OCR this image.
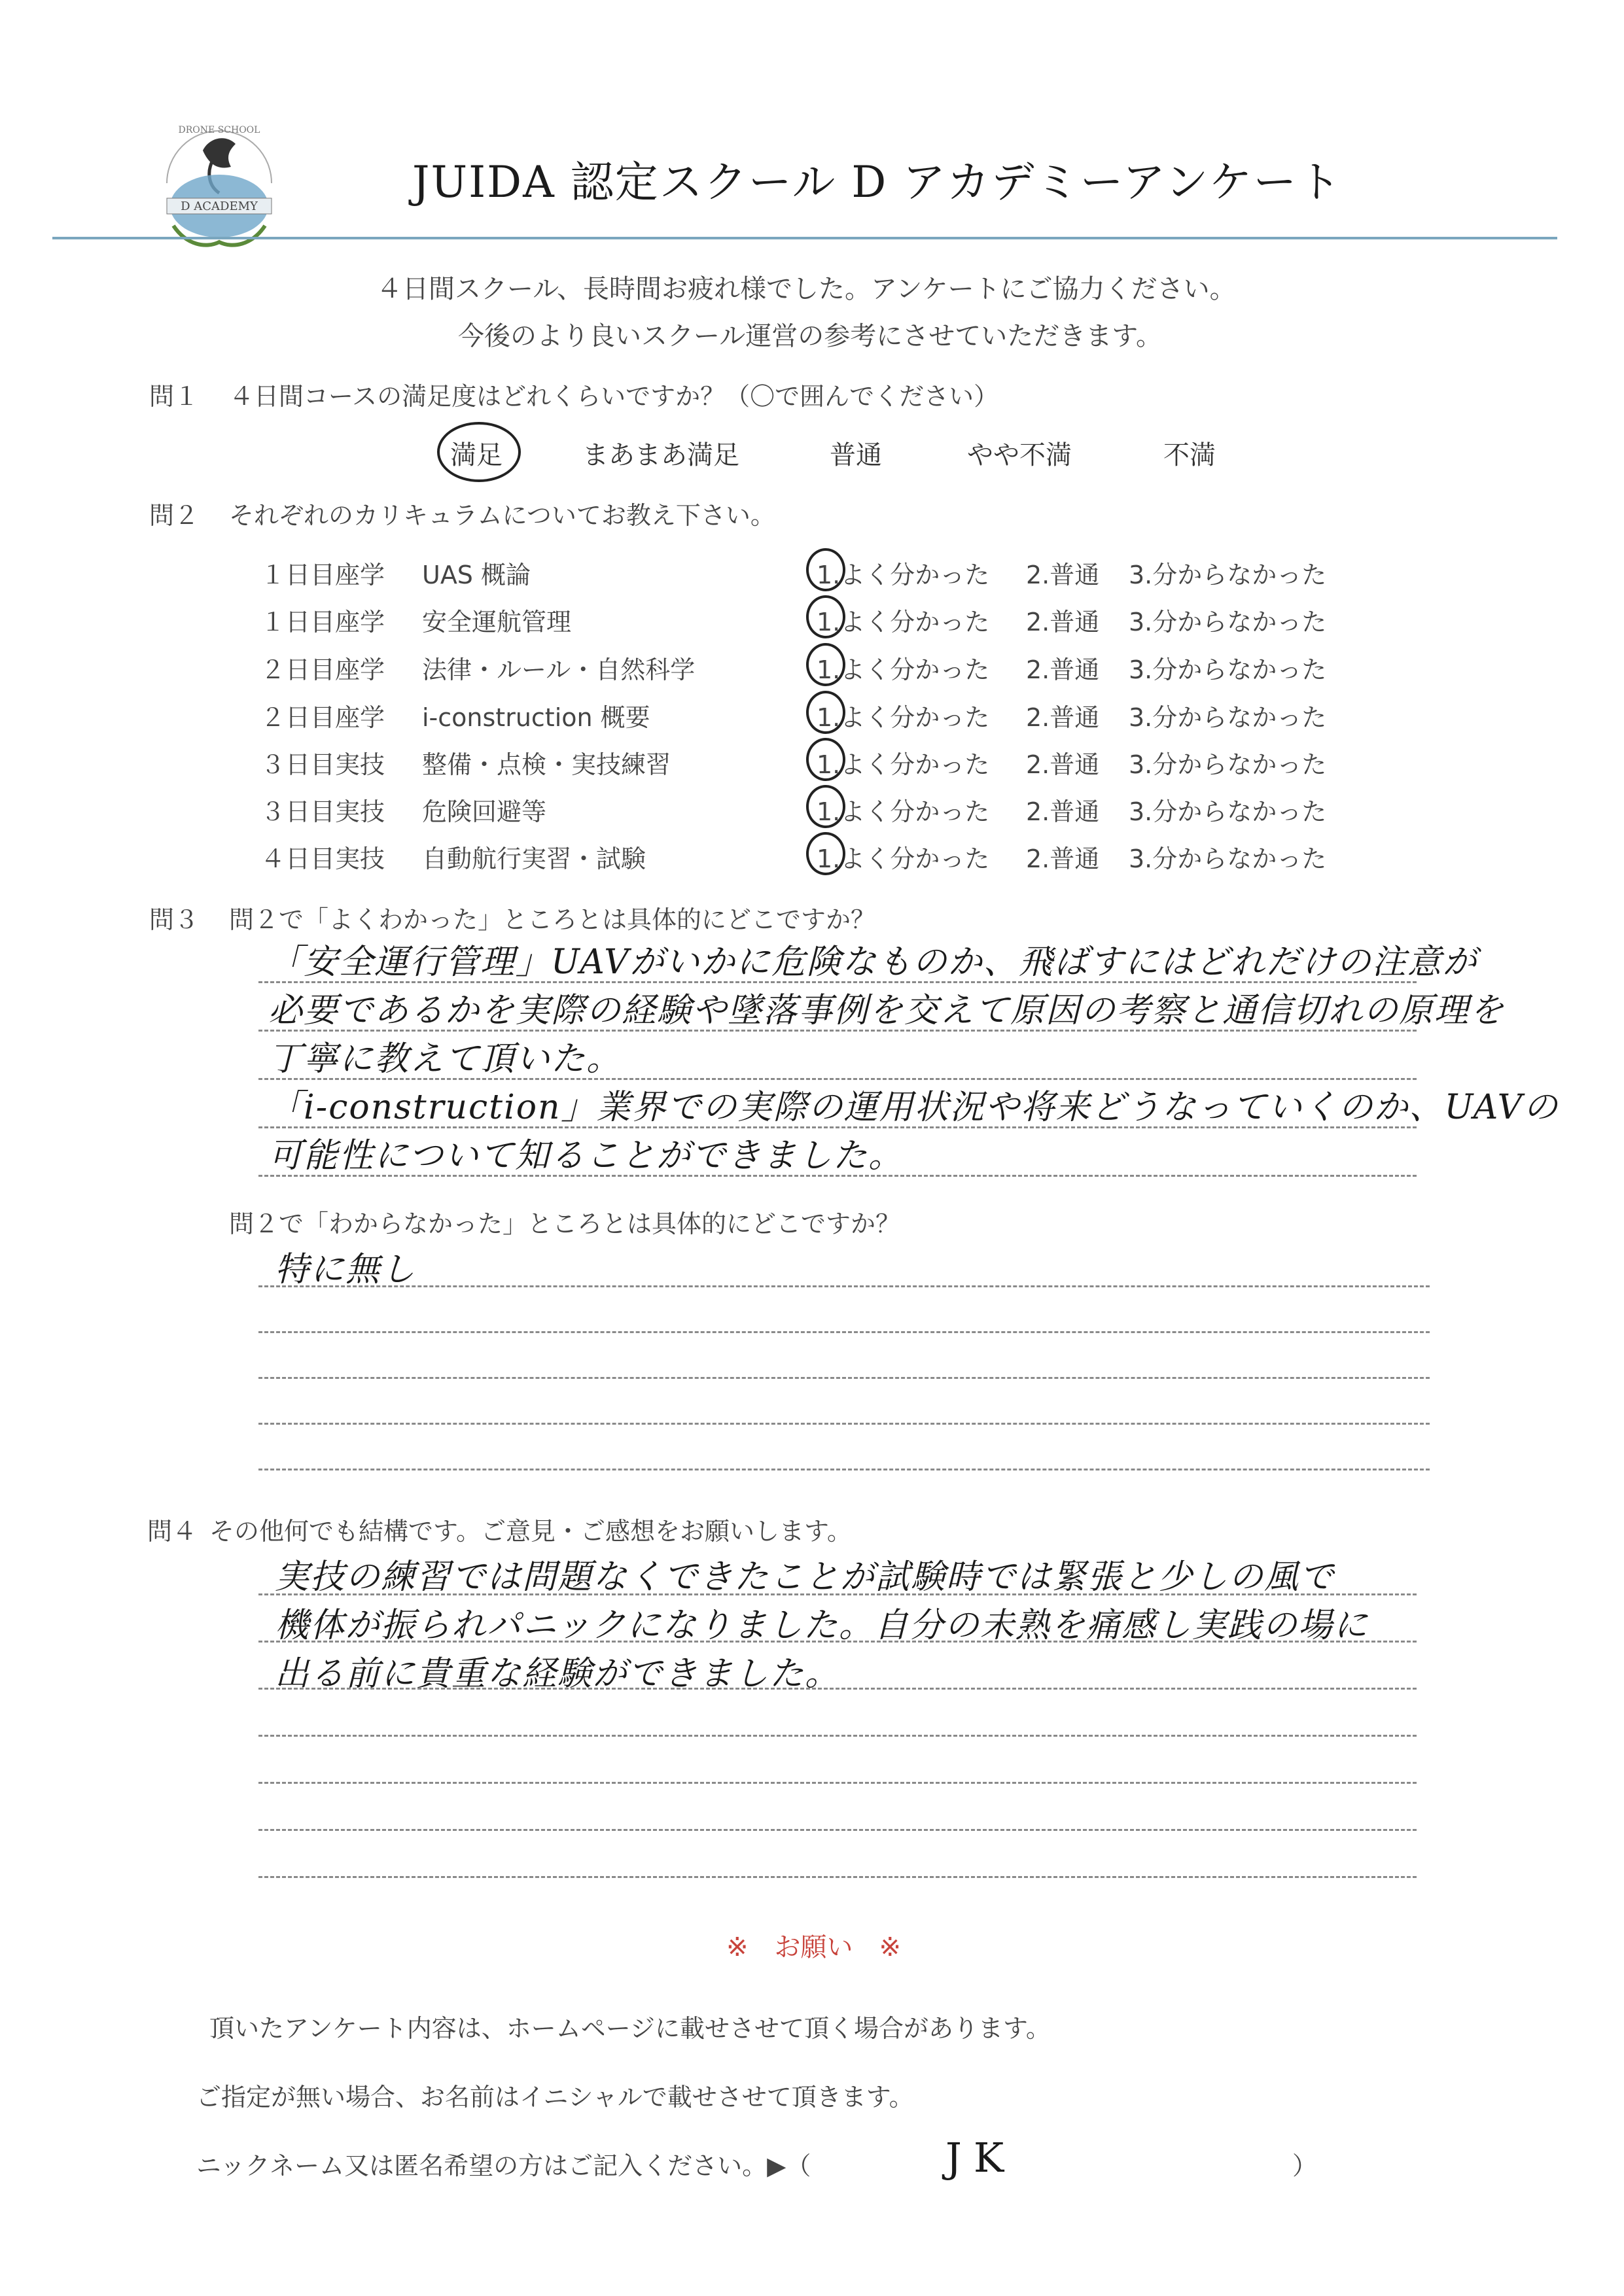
DRONE SCHOOL
D ACADEMY	JUIDA 認定スクール D アカデミーアンケート
４日間スクール、長時間お疲れ様でした。アンケートにご協力ください。
今後のより良いスクール運営の参考にさせていただきます。
問１ ４日間コースの満足度はどれくらいですか？（〇で囲んでください）
満足	まあまあ満足	普通	やや不満	不満
問２ それぞれのカリキュラムについてお教え下さい。
１日目座学 UAS 概論	1.よく分かった 2.普通 3.分からなかった
１日目座学 安全運航管理	1.よく分かった 2.普通 3.分からなかった
２日目座学 法律・ルール・自然科学	1.よく分かった 2.普通 3.分からなかった
２日目座学 i-construction 概要	1.よく分かった 2.普通 3.分からなかった
３日目実技 整備・点検・実技練習	1.よく分かった 2.普通 3.分からなかった
３日目実技 危険回避等	1.よく分かった 2.普通 3.分からなかった
４日目実技 自動航行実習・試験	1.よく分かった 2.普通 3.分からなかった
問３ 問２で「よくわかった」ところとは具体的にどこですか？
「安全運行管理」UAVがいかに危険なものか、飛ばすにはどれだけの注意が
必要であるかを実際の経験や墜落事例を交えて原因の考察と通信切れの原理を
丁寧に教えて頂いた。
「i-construction」業界での実際の運用状況や将来どうなっていくのか、UAVの
可能性について知ることができました。
問２で「わからなかった」ところとは具体的にどこですか？
特に無し
問４ その他何でも結構です。ご意見・ご感想をお願いします。
実技の練習では問題なくできたことが試験時では緊張と少しの風で
機体が振られパニックになりました。自分の未熟を痛感し実践の場に
出る前に貴重な経験ができました。
※　お願い　※
頂いたアンケート内容は、ホームページに載せさせて頂く場合があります。
ご指定が無い場合、お名前はイニシャルで載せさせて頂きます。
ニックネーム又は匿名希望の方はご記入ください。▶（	JK	）
